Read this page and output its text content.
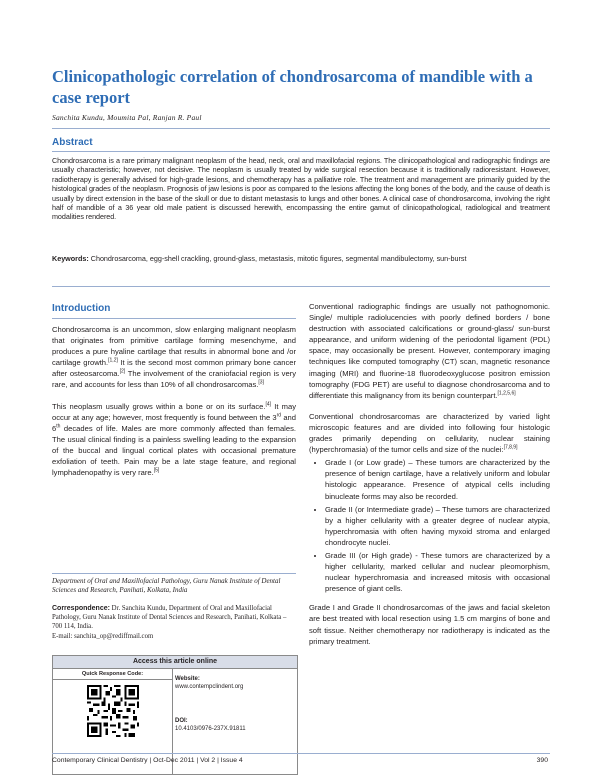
Clinicopathologic correlation of chondrosarcoma of mandible with a case report
Sanchita Kundu, Moumita Pal, Ranjan R. Paul
Abstract

Chondrosarcoma is a rare primary malignant neoplasm of the head, neck, oral and maxillofacial regions. The clinicopathological and radiographic findings are usually characteristic; however, not decisive. The neoplasm is usually treated by wide surgical resection because it is traditionally radioresistant. However, radiotherapy is generally advised for high-grade lesions, and chemotherapy has a palliative role. The treatment and management are primarily guided by the histological grades of the neoplasm. Prognosis of jaw lesions is poor as compared to the lesions affecting the long bones of the body, and the cause of death is usually by direct extension in the base of the skull or due to distant metastasis to lungs and other bones. A clinical case of chondrosarcoma, involving the right half of mandible of a 36 year old male patient is discussed herewith, encompassing the entire gamut of clinicopathological, radiological and treatment modalities rendered.

Keywords: Chondrosarcoma, egg-shell crackling, ground-glass, metastasis, mitotic figures, segmental mandibulectomy, sun-burst

Introduction

Chondrosarcoma is an uncommon, slow enlarging malignant neoplasm that originates from primitive cartilage forming mesenchyme, and produces a pure hyaline cartilage that results in abnormal bone and /or cartilage growth.[1,2] It is the second most common primary bone cancer after osteosarcoma.[2] The involvement of the craniofacial region is very rare, and accounts for less than 10% of all chondrosarcomas.[3]

This neoplasm usually grows within a bone or on its surface.[4] It may occur at any age; however, most frequently is found between the 3rd and 6th decades of life. Males are more commonly affected than females. The usual clinical finding is a painless swelling leading to the expansion of the buccal and lingual cortical plates with occasional premature exfoliation of teeth. Pain may be a late stage feature, and regional lymphadenopathy is very rare.[5]

Department of Oral and Maxillofacial Pathology, Guru Nanak Institute of Dental Sciences and Research, Panihati, Kolkata, India
Correspondence: Dr. Sanchita Kundu, Department of Oral and Maxillofacial Pathology, Guru Nanak Institute of Dental Sciences and Research, Panihati, Kolkata – 700 114, India.
E-mail: sanchita_op@rediffmail.com
Access this article online
Quick Response Code:
Website:
www.contempclindent.org
DOI:
10.4103/0976-237X.91811

Conventional radiographic findings are usually not pathognomonic. Single/ multiple radiolucencies with poorly defined borders / bone destruction with associated calcifications or ground-glass/ sun-burst appearance, and uniform widening of the periodontal ligament (PDL) space, may occasionally be present. However, contemporary imaging techniques like computed tomography (CT) scan, magnetic resonance imaging (MRI) and fluorine-18 fluorodeoxyglucose positron emission tomography (FDG PET) are useful to diagnose chondrosarcoma and to differentiate this malignancy from its benign counterpart.[1,2,5,6]

Conventional chondrosarcomas are characterized by varied light microscopic features and are divided into following four histologic grades primarily depending on cellularity, nuclear staining (hyperchromasia) of the tumor cells and size of the nuclei:[7,8,9]

• Grade I (or Low grade) – These tumors are characterized by the presence of benign cartilage, have a relatively uniform and lobular histologic appearance. Presence of atypical cells including binucleate forms may also be recorded.
• Grade II (or Intermediate grade) – These tumors are characterized by a higher cellularity with a greater degree of nuclear atypia, hyperchromasia with often having myxoid stroma and enlarged chondrocyte nuclei.
• Grade III (or High grade) - These tumors are characterized by a higher cellularity, marked cellular and nuclear pleomorphism, nuclear hyperchromasia and increased mitosis with occasional presence of giant cells.

Grade I and Grade II chondrosarcomas of the jaws and facial skeleton are best treated with local resection using 1.5 cm margins of bone and soft tissue. Neither chemotherapy nor radiotherapy is indicated as the primary treatment.

Contemporary Clinical Dentistry | Oct-Dec 2011 | Vol 2 | Issue 4	390
